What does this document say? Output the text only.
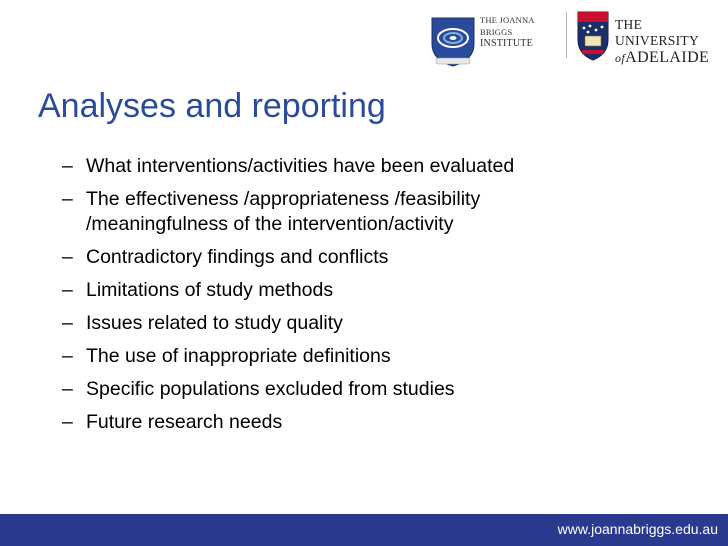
THE JOANNA BRIGGS
INSTITUTE
THE UNIVERSITY
ofADELAIDE
Analyses and reporting
– What interventions/activities have been evaluated
– The effectiveness /appropriateness /feasibility /meaningfulness of the intervention/activity
– Contradictory findings and conflicts
– Limitations of study methods
– Issues related to study quality
– The use of inappropriate definitions
– Specific populations excluded from studies
– Future research needs
www.joannabriggs.edu.au
